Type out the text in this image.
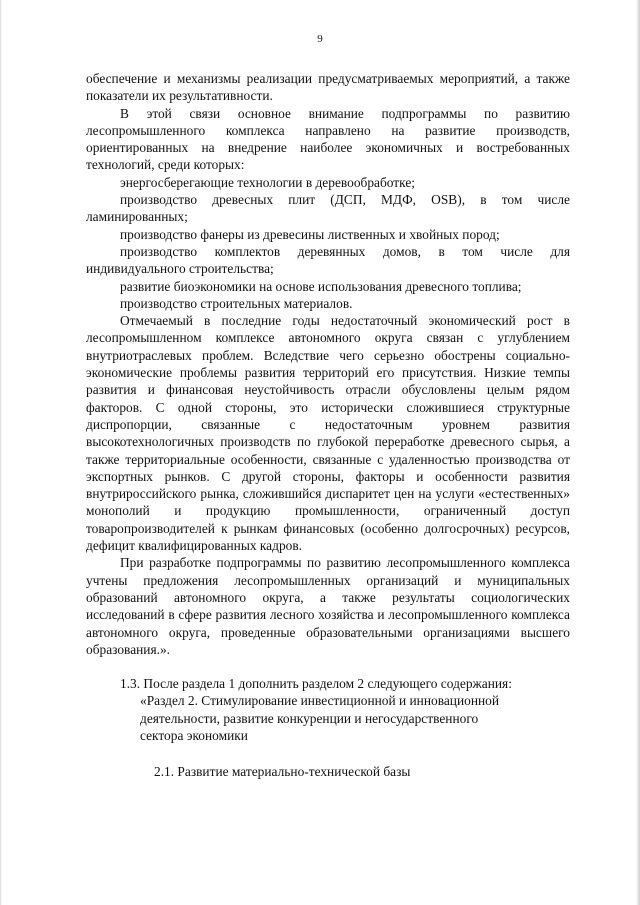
9

обеспечение и механизмы реализации предусматриваемых мероприятий, а также показатели их результативности.

В этой связи основное внимание подпрограммы по развитию лесопромышленного комплекса направлено на развитие производств, ориентированных на внедрение наиболее экономичных и востребованных технологий, среди которых:

энергосберегающие технологии в деревообработке;

производство древесных плит (ДСП, МДФ, OSB), в том числе ламинированных;

производство фанеры из древесины лиственных и хвойных пород;

производство комплектов деревянных домов, в том числе для индивидуального строительства;

развитие биоэкономики на основе использования древесного топлива;

производство строительных материалов.

Отмечаемый в последние годы недостаточный экономический рост в лесопромышленном комплексе автономного округа связан с углублением внутриотраслевых проблем. Вследствие чего серьезно обострены социально-экономические проблемы развития территорий его присутствия. Низкие темпы развития и финансовая неустойчивость отрасли обусловлены целым рядом факторов. С одной стороны, это исторически сложившиеся структурные диспропорции, связанные с недостаточным уровнем развития высокотехнологичных производств по глубокой переработке древесного сырья, а также территориальные особенности, связанные с удаленностью производства от экспортных рынков. С другой стороны, факторы и особенности развития внутрироссийского рынка, сложившийся диспаритет цен на услуги «естественных» монополий и продукцию промышленности, ограниченный доступ товаропроизводителей к рынкам финансовых (особенно долгосрочных) ресурсов, дефицит квалифицированных кадров.

При разработке подпрограммы по развитию лесопромышленного комплекса учтены предложения лесопромышленных организаций и муниципальных образований автономного округа, а также результаты социологических исследований в сфере развития лесного хозяйства и лесопромышленного комплекса автономного округа, проведенные образовательными организациями высшего образования.».

1.3. После раздела 1 дополнить разделом 2 следующего содержания:

«Раздел 2. Стимулирование инвестиционной и инновационной

деятельности, развитие конкуренции и негосударственного

сектора экономики

2.1. Развитие материально-технической базы
